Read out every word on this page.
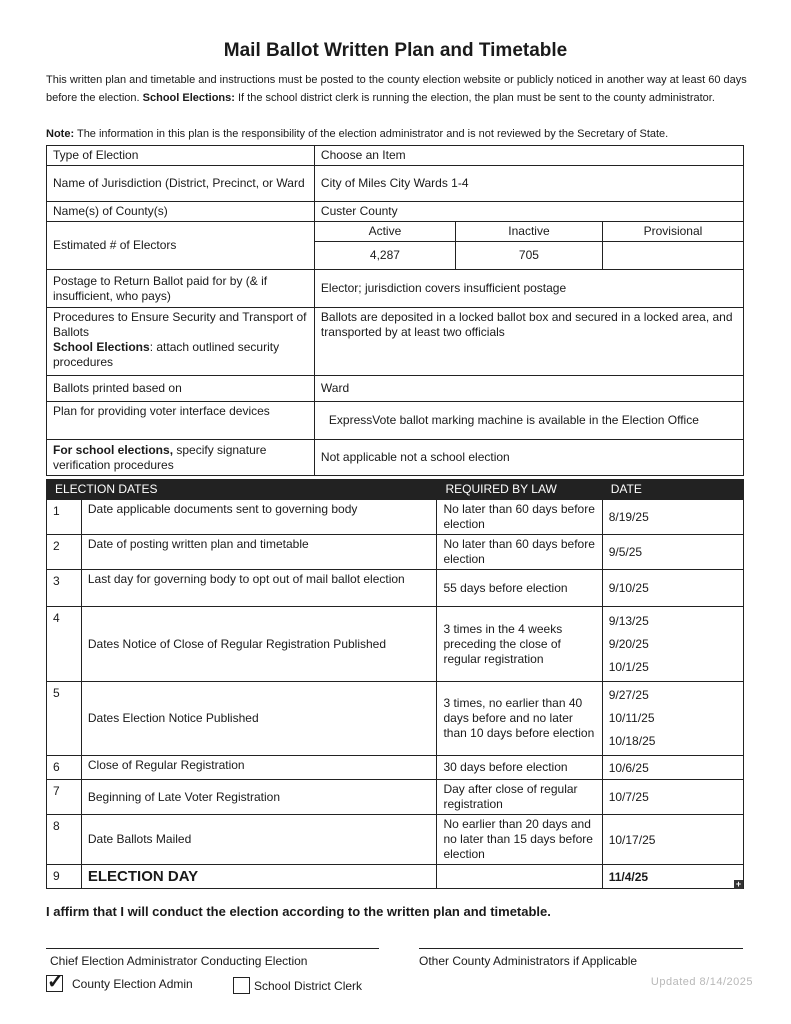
Mail Ballot Written Plan and Timetable
This written plan and timetable and instructions must be posted to the county election website or publicly noticed in another way at least 60 days before the election. School Elections: If the school district clerk is running the election, the plan must be sent to the county administrator.
Note: The information in this plan is the responsibility of the election administrator and is not reviewed by the Secretary of State.
Type of Election	Choose an Item		
Name of Jurisdiction (District, Precinct, or Ward	City of Miles City Wards 1-4		
Name(s) of County(s)	Custer County		
Estimated # of Electors	Active	Inactive	Provisional
	4,287	705	
Postage to Return Ballot paid for by (& if insufficient, who pays)	Elector; jurisdiction covers insufficient postage		
Procedures to Ensure Security and Transport of Ballots
School Elections: attach outlined security procedures	Ballots are deposited in a locked ballot box and secured in a locked area, and transported by at least two officials		
Ballots printed based on	Ward		
Plan for providing voter interface devices	ExpressVote ballot marking machine is available in the Election Office		
For school elections, specify signature verification procedures	Not applicable not a school election		
ELECTION DATES		REQUIRED BY LAW	DATE
1	Date applicable documents sent to governing body	No later than 60 days before election	8/19/25

2	Date of posting written plan and timetable	No later than 60 days before election	9/5/25

3	Last day for governing body to opt out of mail ballot election	55 days before election	9/10/25

4	Dates Notice of Close of Regular Registration Published	3 times in the 4 weeks preceding the close of regular registration	9/13/25
9/20/25
10/1/25

5	Dates Election Notice Published	3 times, no earlier than 40 days before and no later than 10 days before election	9/27/25
10/11/25
10/18/25

6	Close of Regular Registration	30 days before election	10/6/25

7	Beginning of Late Voter Registration	Day after close of regular registration	10/7/25

8	Date Ballots Mailed	No earlier than 20 days and no later than 15 days before election	10/17/25

9	ELECTION DAY		11/4/25
+
I affirm that I will conduct the election according to the written plan and timetable.
Chief Election Administrator Conducting Election	Other County Administrators if Applicable
✓ County Election Admin	School District Clerk	Updated 8/14/2025
